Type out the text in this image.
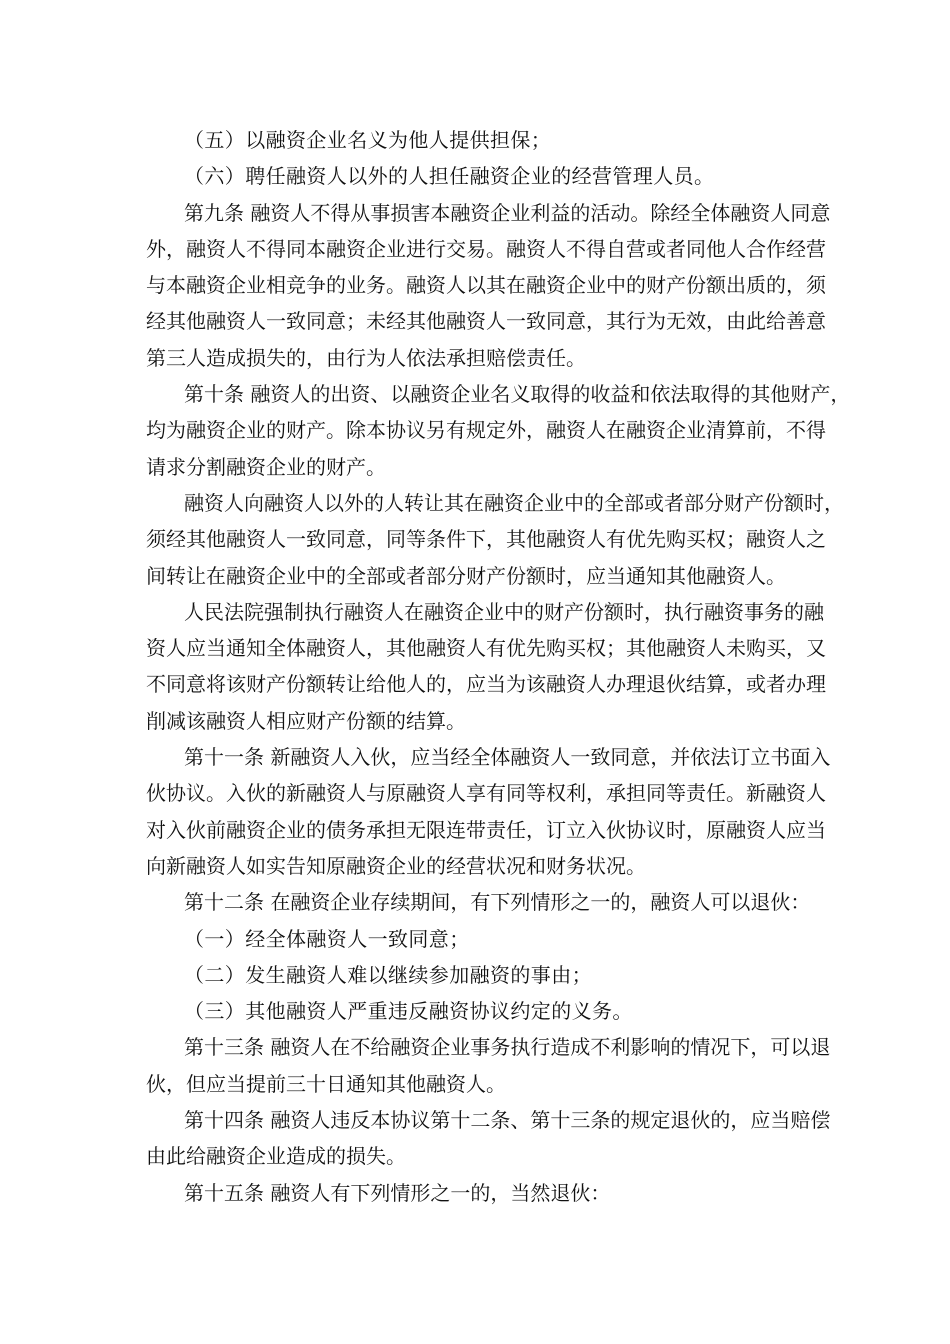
（五）以融资企业名义为他人提供担保；
（六）聘任融资人以外的人担任融资企业的经营管理人员。
第九条 融资人不得从事损害本融资企业利益的活动。除经全体融资人同意
外，融资人不得同本融资企业进行交易。融资人不得自营或者同他人合作经营
与本融资企业相竞争的业务。融资人以其在融资企业中的财产份额出质的，须
经其他融资人一致同意；未经其他融资人一致同意，其行为无效，由此给善意
第三人造成损失的，由行为人依法承担赔偿责任。
第十条 融资人的出资、以融资企业名义取得的收益和依法取得的其他财产，
均为融资企业的财产。除本协议另有规定外，融资人在融资企业清算前，不得
请求分割融资企业的财产。
融资人向融资人以外的人转让其在融资企业中的全部或者部分财产份额时，
须经其他融资人一致同意，同等条件下，其他融资人有优先购买权；融资人之
间转让在融资企业中的全部或者部分财产份额时，应当通知其他融资人。
人民法院强制执行融资人在融资企业中的财产份额时，执行融资事务的融
资人应当通知全体融资人，其他融资人有优先购买权；其他融资人未购买，又
不同意将该财产份额转让给他人的，应当为该融资人办理退伙结算，或者办理
削减该融资人相应财产份额的结算。
第十一条 新融资人入伙，应当经全体融资人一致同意，并依法订立书面入
伙协议。入伙的新融资人与原融资人享有同等权利，承担同等责任。新融资人
对入伙前融资企业的债务承担无限连带责任，订立入伙协议时，原融资人应当
向新融资人如实告知原融资企业的经营状况和财务状况。
第十二条 在融资企业存续期间，有下列情形之一的，融资人可以退伙：
（一）经全体融资人一致同意；
（二）发生融资人难以继续参加融资的事由；
（三）其他融资人严重违反融资协议约定的义务。
第十三条 融资人在不给融资企业事务执行造成不利影响的情况下，可以退
伙，但应当提前三十日通知其他融资人。
第十四条 融资人违反本协议第十二条、第十三条的规定退伙的，应当赔偿
由此给融资企业造成的损失。
第十五条 融资人有下列情形之一的，当然退伙：
